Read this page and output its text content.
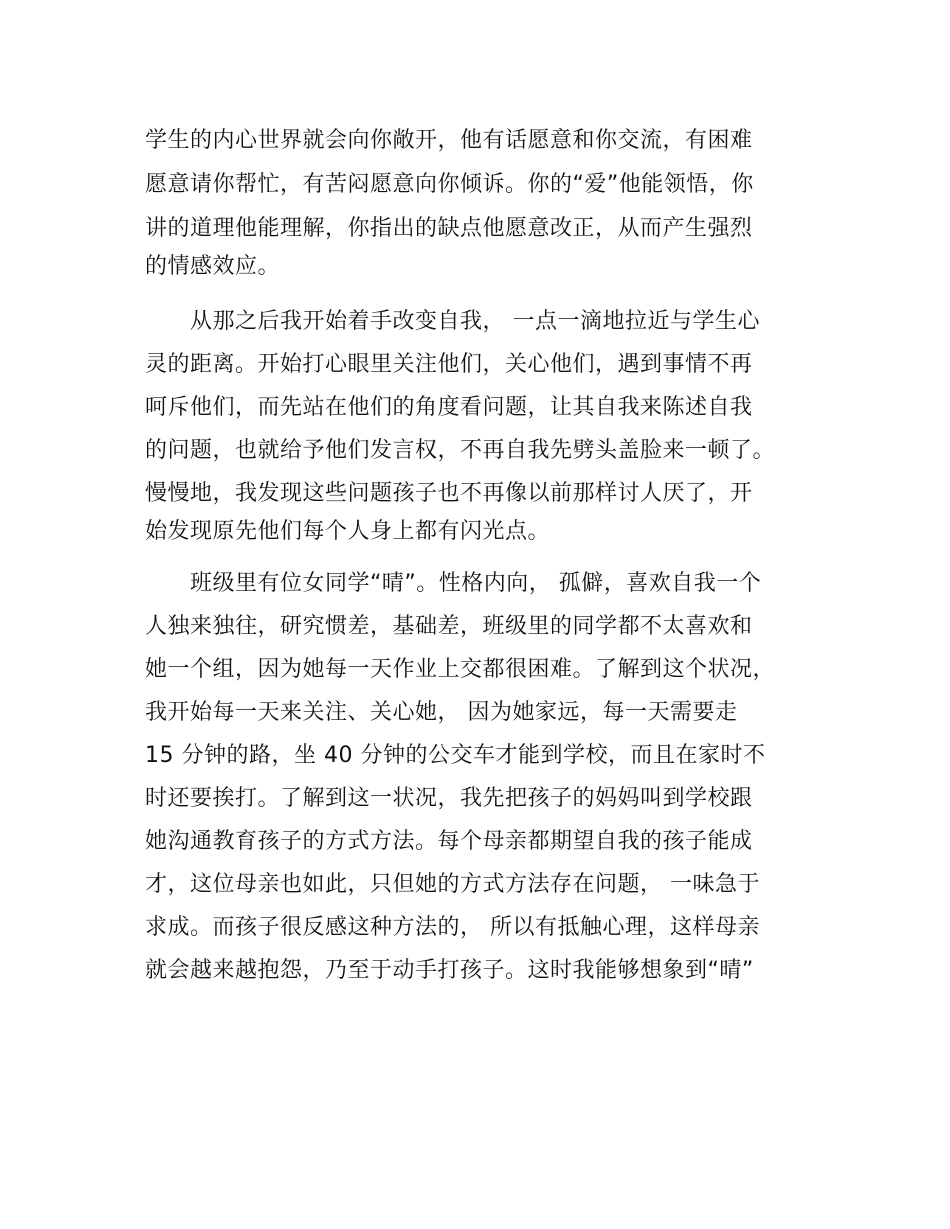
学生的内心世界就会向你敞开，他有话愿意和你交流，有困难
愿意请你帮忙，有苦闷愿意向你倾诉。你的“爱”他能领悟，你
讲的道理他能理解，你指出的缺点他愿意改正，从而产生强烈
的情感效应。
从那之后我开始着手改变自我， 一点一滴地拉近与学生心
灵的距离。开始打心眼里关注他们，关心他们，遇到事情不再
呵斥他们，而先站在他们的角度看问题，让其自我来陈述自我
的问题，也就给予他们发言权，不再自我先劈头盖脸来一顿了。
慢慢地，我发现这些问题孩子也不再像以前那样讨人厌了，开
始发现原先他们每个人身上都有闪光点。
班级里有位女同学“晴”。性格内向， 孤僻，喜欢自我一个
人独来独往，研究惯差，基础差，班级里的同学都不太喜欢和
她一个组，因为她每一天作业上交都很困难。了解到这个状况，
我开始每一天来关注、关心她， 因为她家远，每一天需要走
15 分钟的路，坐 40 分钟的公交车才能到学校，而且在家时不
时还要挨打。了解到这一状况，我先把孩子的妈妈叫到学校跟
她沟通教育孩子的方式方法。每个母亲都期望自我的孩子能成
才，这位母亲也如此，只但她的方式方法存在问题， 一味急于
求成。而孩子很反感这种方法的， 所以有抵触心理，这样母亲
就会越来越抱怨，乃至于动手打孩子。这时我能够想象到“晴”
